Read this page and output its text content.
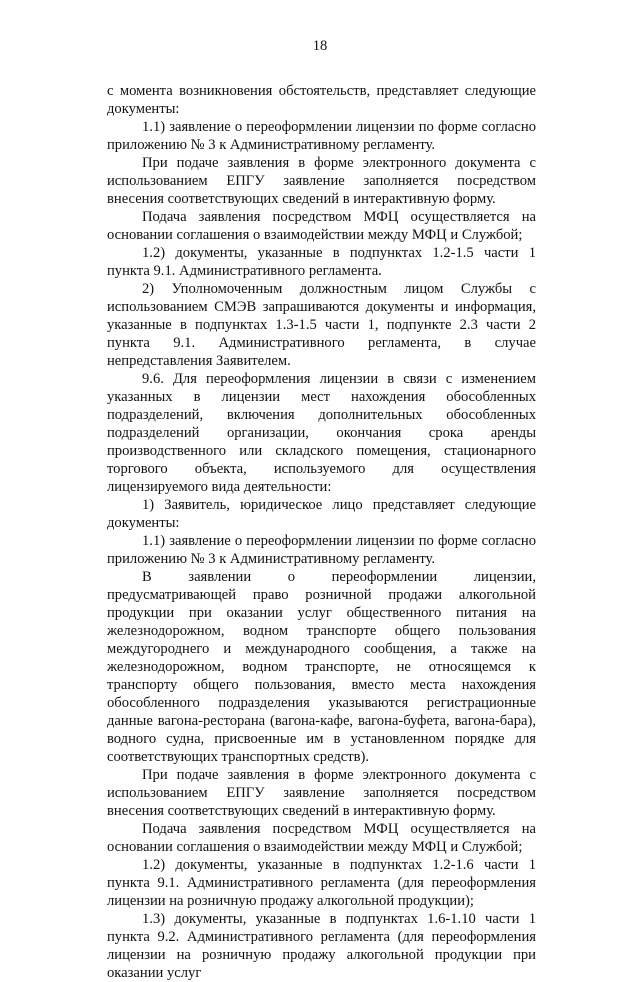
18

с момента возникновения обстоятельств, представляет следующие документы:

1.1) заявление о переоформлении лицензии по форме согласно приложению № 3 к Административному регламенту.

При подаче заявления в форме электронного документа с использованием ЕПГУ заявление заполняется посредством внесения соответствующих сведений в интерактивную форму.

Подача заявления посредством МФЦ осуществляется на основании соглашения о взаимодействии между МФЦ и Службой;

1.2) документы, указанные в подпунктах 1.2-1.5 части 1 пункта 9.1. Административного регламента.

2) Уполномоченным должностным лицом Службы с использованием СМЭВ запрашиваются документы и информация, указанные в подпунктах 1.3-1.5 части 1, подпункте 2.3 части 2 пункта 9.1. Административного регламента, в случае непредставления Заявителем.

9.6. Для переоформления лицензии в связи с изменением указанных в лицензии мест нахождения обособленных подразделений, включения дополнительных обособленных подразделений организации, окончания срока аренды производственного или складского помещения, стационарного торгового объекта, используемого для осуществления лицензируемого вида деятельности:

1) Заявитель, юридическое лицо представляет следующие документы:

1.1) заявление о переоформлении лицензии по форме согласно приложению № 3 к Административному регламенту.

В заявлении о переоформлении лицензии, предусматривающей право розничной продажи алкогольной продукции при оказании услуг общественного питания на железнодорожном, водном транспорте общего пользования междугороднего и международного сообщения, а также на железнодорожном, водном транспорте, не относящемся к транспорту общего пользования, вместо места нахождения обособленного подразделения указываются регистрационные данные вагона-ресторана (вагона-кафе, вагона-буфета, вагона-бара), водного судна, присвоенные им в установленном порядке для соответствующих транспортных средств).

При подаче заявления в форме электронного документа с использованием ЕПГУ заявление заполняется посредством внесения соответствующих сведений в интерактивную форму.

Подача заявления посредством МФЦ осуществляется на основании соглашения о взаимодействии между МФЦ и Службой;

1.2) документы, указанные в подпунктах 1.2-1.6 части 1 пункта 9.1. Административного регламента (для переоформления лицензии на розничную продажу алкогольной продукции);

1.3) документы, указанные в подпунктах 1.6-1.10 части 1 пункта 9.2. Административного регламента (для переоформления лицензии на розничную продажу алкогольной продукции при оказании услуг
